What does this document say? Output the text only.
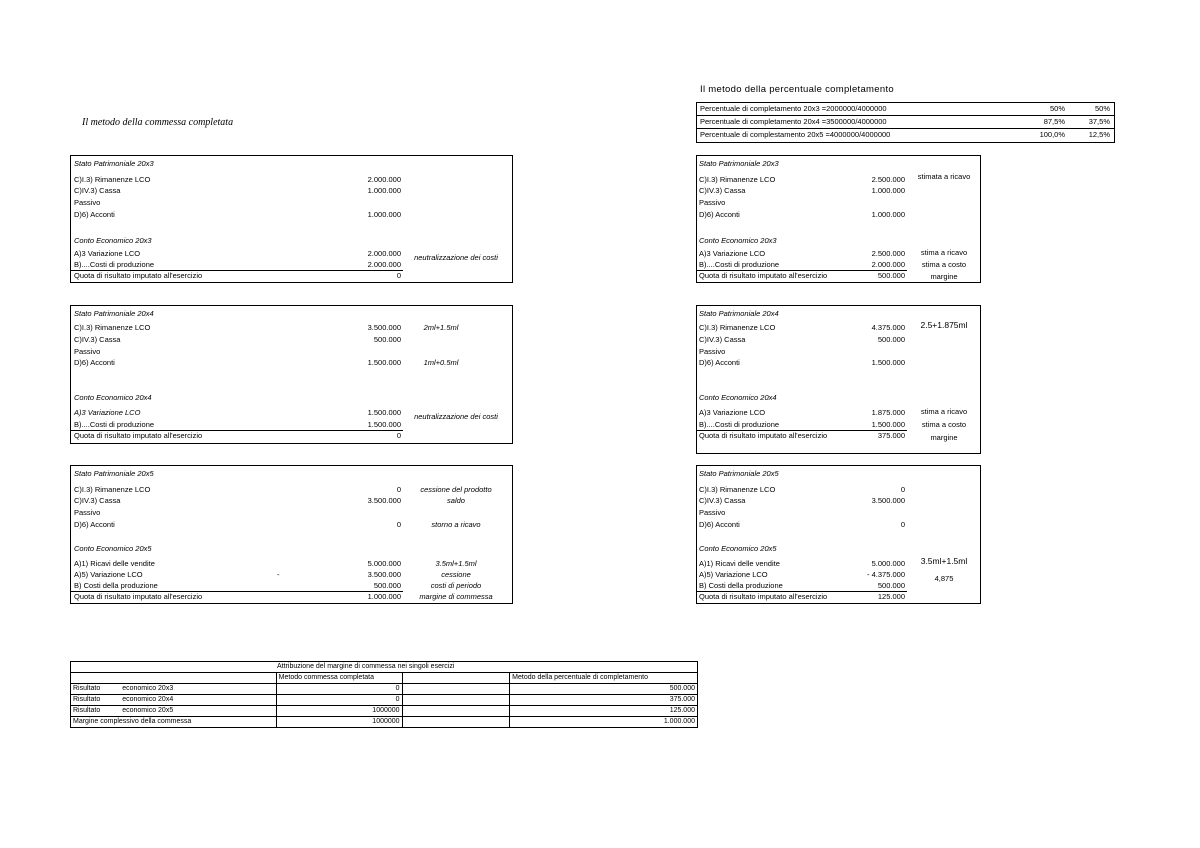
Il metodo della commessa completata
Il metodo della percentuale completamento
Percentuale di completamento 20x3 =2000000/4000000	50%	50%
Percentuale di completamento 20x4 =3500000/4000000	87,5%	37,5%
Percentuale di complestamento 20x5 =4000000/4000000	100,0%	12,5%
Stato Patrimoniale 20x3
C)I.3) Rimanenze LCO	2.000.000
C)IV.3) Cassa	1.000.000
Passivo
D)6) Acconti	1.000.000
Conto Economico 20x3
A)3 Variazione LCO	2.000.000	neutralizzazione dei costi
B)....Costi di produzione	2.000.000
Quota di risultato imputato all'esercizio	0
Stato Patrimoniale 20x4
C)I.3) Rimanenze LCO	3.500.000	2ml+1.5ml
C)IV.3) Cassa	500.000
Passivo
D)6) Acconti	1.500.000	1ml+0.5ml
Conto Economico 20x4
A)3 Variazione LCO	1.500.000	neutralizzazione dei costi
B)....Costi di produzione	1.500.000
Quota di risultato imputato all'esercizio	0
Stato Patrimoniale 20x5
C)I.3) Rimanenze LCO	0	cessione del prodotto
C)IV.3) Cassa	3.500.000	saldo
Passivo
D)6) Acconti	0	storno a ricavo
Conto Economico 20x5
A)1) Ricavi delle vendite	5.000.000	3.5ml+1.5ml
A)5) Variazione LCO	-	3.500.000	cessione
B) Costi della produzione	500.000	costi di periodo
Quota di risultato imputato all'esercizio	1.000.000	margine di commessa
Stato Patrimoniale 20x3
C)I.3) Rimanenze LCO	2.500.000	stimata a ricavo
C)IV.3) Cassa	1.000.000
Passivo
D)6) Acconti	1.000.000
Conto Economico 20x3
A)3 Variazione LCO	2.500.000	stima a ricavo
B)....Costi di produzione	2.000.000	stima a costo
Quota di risultato imputato all'esercizio	500.000	margine
Stato Patrimoniale 20x4
C)I.3) Rimanenze LCO	4.375.000	2.5+1.875ml
C)IV.3) Cassa	500.000
Passivo
D)6) Acconti	1.500.000
Conto Economico 20x4
A)3 Variazione LCO	1.875.000	stima a ricavo
B)....Costi di produzione	1.500.000	stima a costo
Quota di risultato imputato all'esercizio	375.000	margine
Stato Patrimoniale 20x5
C)I.3) Rimanenze LCO	0
C)IV.3) Cassa	3.500.000
Passivo
D)6) Acconti	0
Conto Economico 20x5
A)1) Ricavi delle vendite	5.000.000	3.5ml+1.5ml
A)5) Variazione LCO	- 4.375.000	4,875
B) Costi della produzione	500.000
Quota di risultato imputato all'esercizio	125.000
Attribuzione del margine di commessa nei singoli esercizi			
	Metodo commessa completata		Metodo della percentuale di completamento
Risultato economico 20x3	0		500.000
Risultato economico 20x4	0		375.000
Risultato economico 20x5	1000000		125.000
Margine complessivo della commessa	1000000		1.000.000
